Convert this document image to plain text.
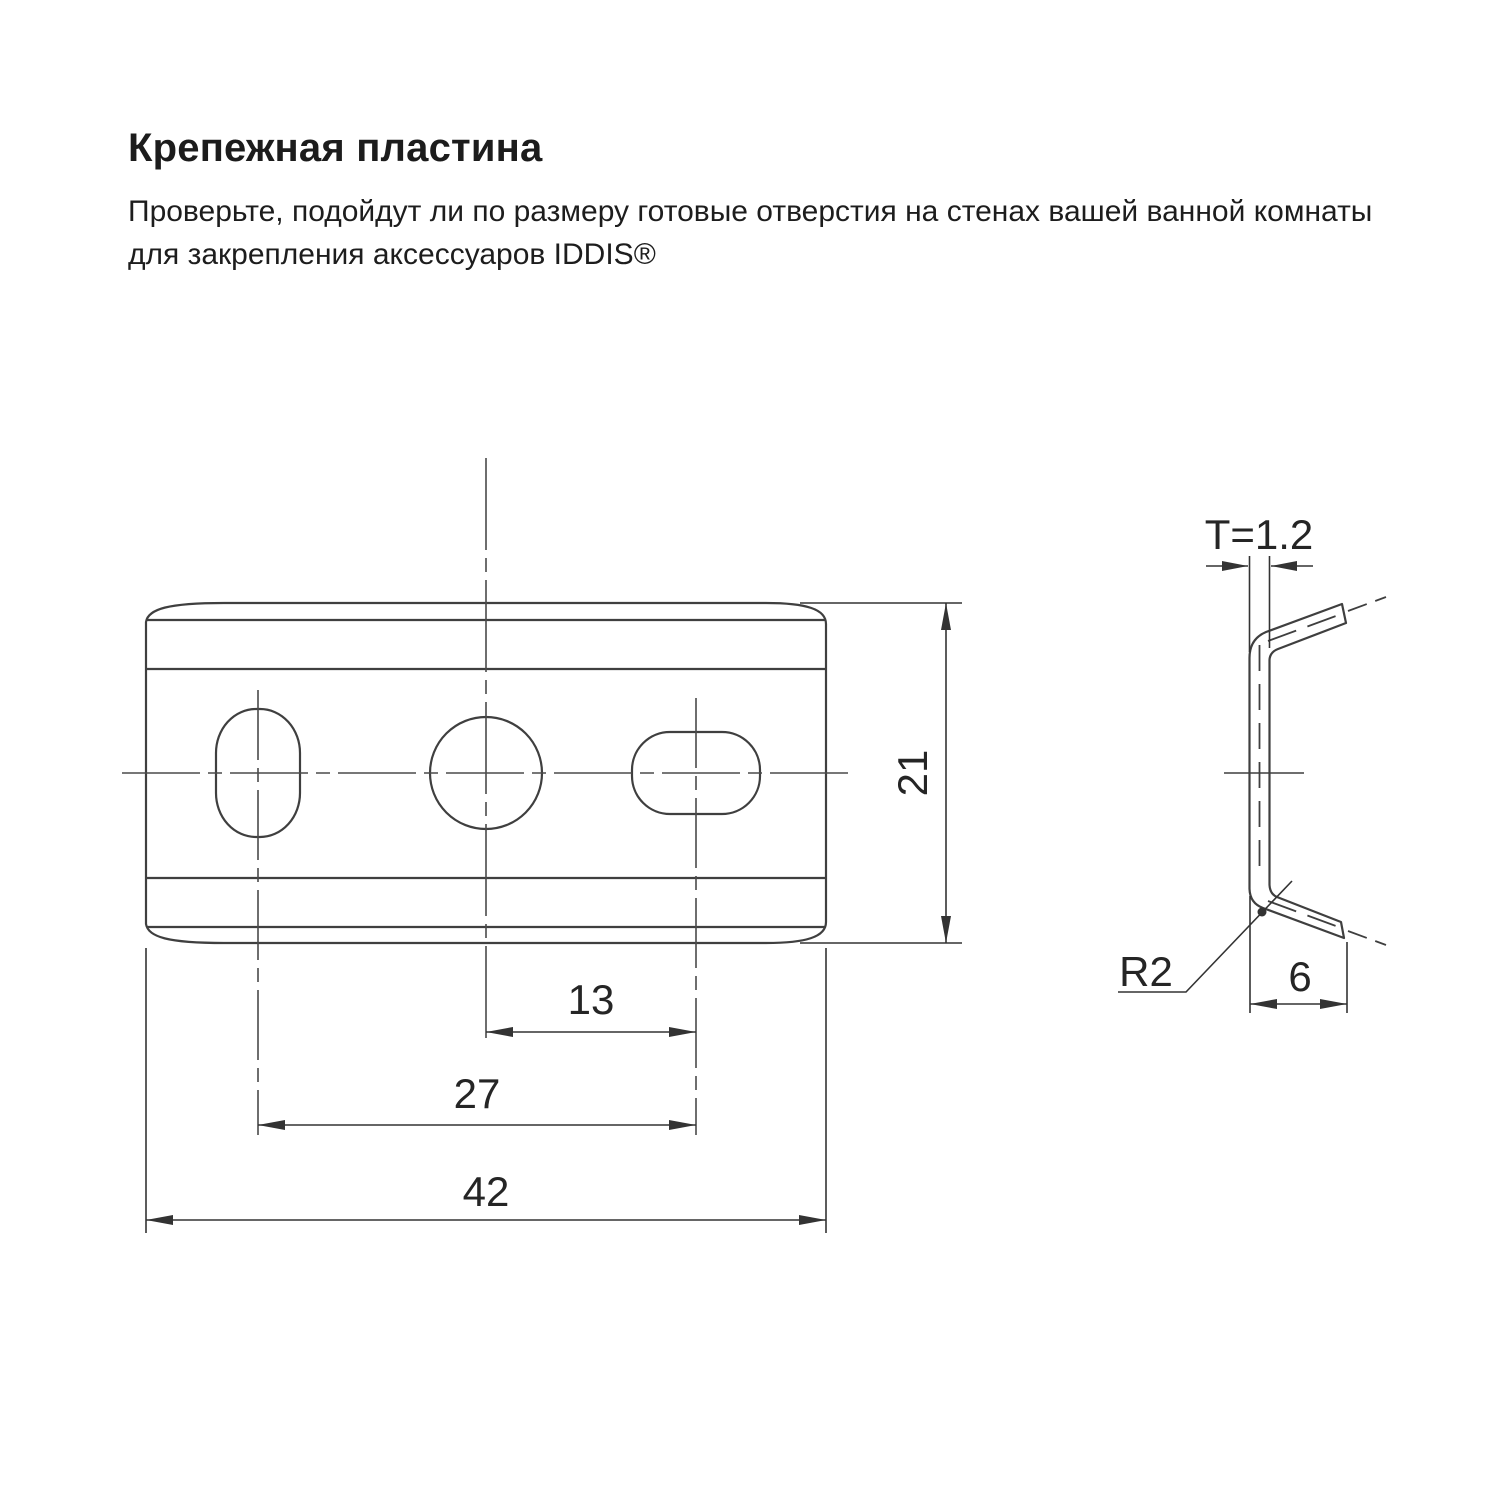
Крепежная пластина
Проверьте, подойдут ли по размеру готовые отверстия на стенах вашей ванной комнаты для закрепления аксессуаров IDDIS®
21
13
27
42
T=1.2
R2	6
